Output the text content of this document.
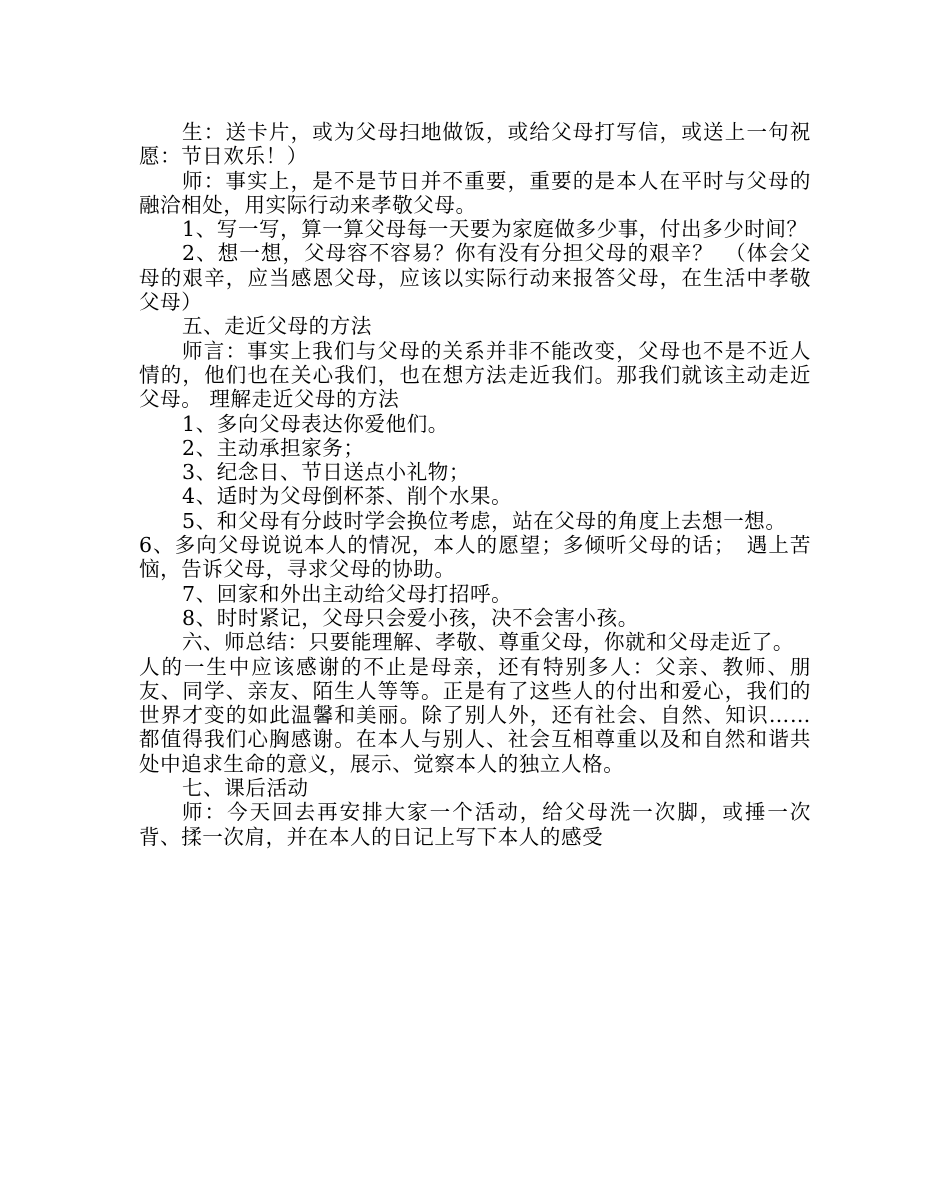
生：送卡片，或为父母扫地做饭，或给父母打写信，或送上一句祝愿：节日欢乐！）

师：事实上，是不是节日并不重要，重要的是本人在平时与父母的融洽相处，用实际行动来孝敬父母。

1、写一写，算一算父母每一天要为家庭做多少事，付出多少时间？

2、想一想，父母容不容易？你有没有分担父母的艰辛？　（体会父母的艰辛，应当感恩父母，应该以实际行动来报答父母，在生活中孝敬父母）

五、走近父母的方法

师言：事实上我们与父母的关系并非不能改变，父母也不是不近人情的，他们也在关心我们，也在想方法走近我们。那我们就该主动走近父母。 理解走近父母的方法

1、多向父母表达你爱他们。

2、主动承担家务；

3、纪念日、节日送点小礼物；

4、适时为父母倒杯茶、削个水果。

5、和父母有分歧时学会换位考虑，站在父母的角度上去想一想。

6、多向父母说说本人的情况，本人的愿望；多倾听父母的话；　遇上苦恼，告诉父母，寻求父母的协助。

7、回家和外出主动给父母打招呼。

8、时时紧记，父母只会爱小孩，决不会害小孩。

六、师总结：只要能理解、孝敬、尊重父母，你就和父母走近了。

人的一生中应该感谢的不止是母亲，还有特别多人：父亲、教师、朋友、同学、亲友、陌生人等等。正是有了这些人的付出和爱心，我们的世界才变的如此温馨和美丽。除了别人外，还有社会、自然、知识……都值得我们心胸感谢。在本人与别人、社会互相尊重以及和自然和谐共处中追求生命的意义，展示、觉察本人的独立人格。

七、课后活动

师：今天回去再安排大家一个活动，给父母洗一次脚，或捶一次背、揉一次肩，并在本人的日记上写下本人的感受
